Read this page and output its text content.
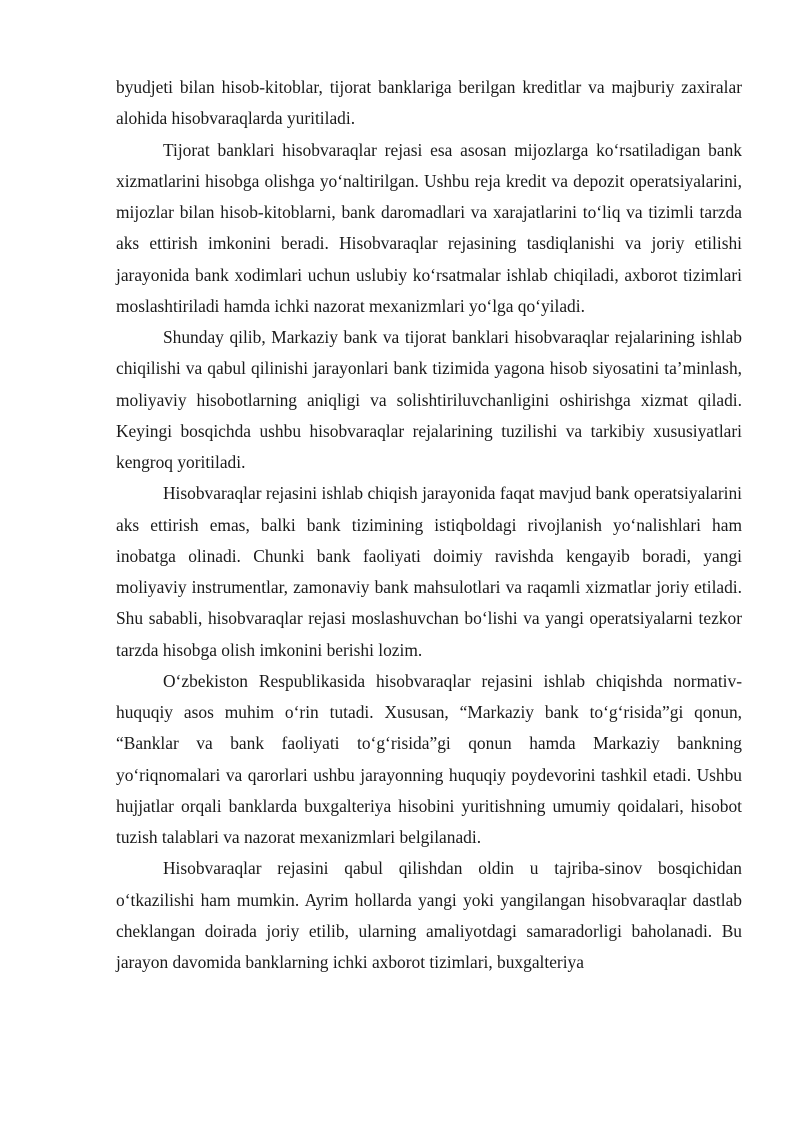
byudjeti bilan hisob-kitoblar, tijorat banklariga berilgan kreditlar va majburiy zaxiralar alohida hisobvaraqlarda yuritiladi.

Tijorat banklari hisobvaraqlar rejasi esa asosan mijozlarga ko‘rsatiladigan bank xizmatlarini hisobga olishga yo‘naltirilgan. Ushbu reja kredit va depozit operatsiyalarini, mijozlar bilan hisob-kitoblarni, bank daromadlari va xarajatlarini to‘liq va tizimli tarzda aks ettirish imkonini beradi. Hisobvaraqlar rejasining tasdiqlanishi va joriy etilishi jarayonida bank xodimlari uchun uslubiy ko‘rsatmalar ishlab chiqiladi, axborot tizimlari moslashtiriladi hamda ichki nazorat mexanizmlari yo‘lga qo‘yiladi.

Shunday qilib, Markaziy bank va tijorat banklari hisobvaraqlar rejalarining ishlab chiqilishi va qabul qilinishi jarayonlari bank tizimida yagona hisob siyosatini ta’minlash, moliyaviy hisobotlarning aniqligi va solishtiriluvchanligini oshirishga xizmat qiladi. Keyingi bosqichda ushbu hisobvaraqlar rejalarining tuzilishi va tarkibiy xususiyatlari kengroq yoritiladi.

Hisobvaraqlar rejasini ishlab chiqish jarayonida faqat mavjud bank operatsiyalarini aks ettirish emas, balki bank tizimining istiqboldagi rivojlanish yo‘nalishlari ham inobatga olinadi. Chunki bank faoliyati doimiy ravishda kengayib boradi, yangi moliyaviy instrumentlar, zamonaviy bank mahsulotlari va raqamli xizmatlar joriy etiladi. Shu sababli, hisobvaraqlar rejasi moslashuvchan bo‘lishi va yangi operatsiyalarni tezkor tarzda hisobga olish imkonini berishi lozim.

O‘zbekiston Respublikasida hisobvaraqlar rejasini ishlab chiqishda normativ-huquqiy asos muhim o‘rin tutadi. Xususan, “Markaziy bank to‘g‘risida”gi qonun, “Banklar va bank faoliyati to‘g‘risida”gi qonun hamda Markaziy bankning yo‘riqnomalari va qarorlari ushbu jarayonning huquqiy poydevorini tashkil etadi. Ushbu hujjatlar orqali banklarda buxgalteriya hisobini yuritishning umumiy qoidalari, hisobot tuzish talablari va nazorat mexanizmlari belgilanadi.

Hisobvaraqlar rejasini qabul qilishdan oldin u tajriba-sinov bosqichidan o‘tkazilishi ham mumkin. Ayrim hollarda yangi yoki yangilangan hisobvaraqlar dastlab cheklangan doirada joriy etilib, ularning amaliyotdagi samaradorligi baholanadi. Bu jarayon davomida banklarning ichki axborot tizimlari, buxgalteriya
